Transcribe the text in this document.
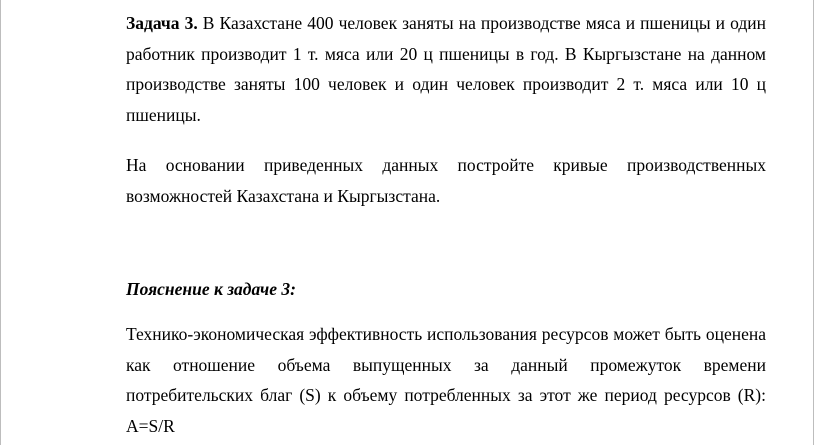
Задача 3. В Казахстане 400 человек заняты на производстве мяса и пшеницы и один работник производит 1 т. мяса или 20 ц пшеницы в год. В Кыргызстане на данном производстве заняты 100 человек и один человек производит 2 т. мяса или 10 ц пшеницы.

На основании приведенных данных постройте кривые производственных возможностей Казахстана и Кыргызстана.

Пояснение к задаче 3:

Технико-экономическая эффективность использования ресурсов может быть оценена как отношение объема выпущенных за данный промежуток времени потребительских благ (S) к объему потребленных за этот же период ресурсов (R): A=S/R
